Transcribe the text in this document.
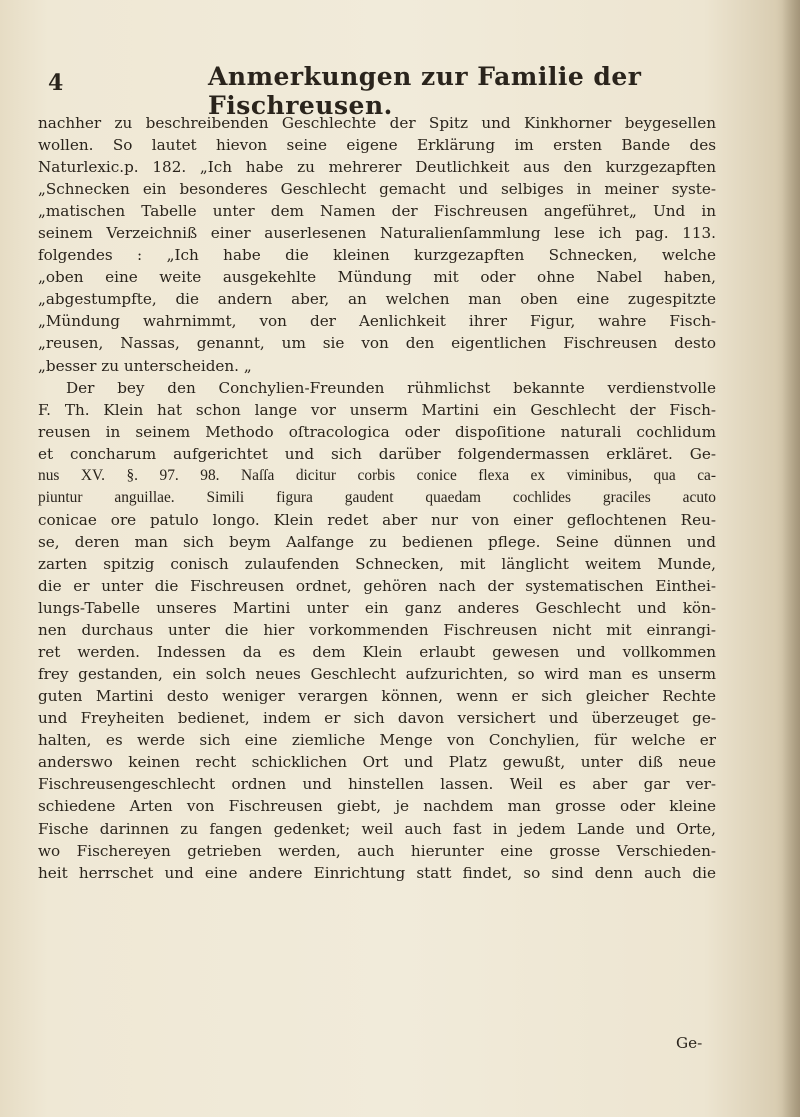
4	Anmerkungen zur Familie der Fischreusen.
nachher zu beschreibenden Geschlechte der Spitz und Kinkhorner beygesellen
wollen. So lautet hievon seine eigene Erklärung im ersten Bande des
Naturlexic.p. 182. „Ich habe zu mehrerer Deutlichkeit aus den kurzgezapften
„Schnecken ein besonderes Geschlecht gemacht und selbiges in meiner syste-
„matischen Tabelle unter dem Namen der Fischreusen angeführet„ Und in
seinem Verzeichniß einer auserlesenen Naturalienſammlung lese ich pag. 113.
folgendes : „Ich habe die kleinen kurzgezapften Schnecken, welche
„oben eine weite ausgekehlte Mündung mit oder ohne Nabel haben,
„abgestumpfte, die andern aber, an welchen man oben eine zugespitzte
„Mündung wahrnimmt, von der Aenlichkeit ihrer Figur, wahre Fisch-
„reusen, Nassas, genannt, um sie von den eigentlichen Fischreusen desto
„besser zu unterscheiden. „
Der bey den Conchylien-Freunden rühmlichst bekannte verdienstvolle
F. Th. Klein hat schon lange vor unserm Martini ein Geschlecht der Fisch-
reusen in seinem Methodo oſtracologica oder dispoſitione naturali cochlidum
et concharum aufgerichtet und sich darüber folgendermassen erkläret. Ge-
nus XV. §. 97. 98. Naſſa dicitur corbis conice flexa ex viminibus, qua ca-
piuntur anguillae. Simili figura gaudent quaedam cochlides graciles acuto
conicae ore patulo longo. Klein redet aber nur von einer geflochtenen Reu-
se, deren man sich beym Aalfange zu bedienen pflege. Seine dünnen und
zarten spitzig conisch zulaufenden Schnecken, mit länglicht weitem Munde,
die er unter die Fischreusen ordnet, gehören nach der systematischen Einthei-
lungs-Tabelle unseres Martini unter ein ganz anderes Geschlecht und kön-
nen durchaus unter die hier vorkommenden Fischreusen nicht mit einrangi-
ret werden. Indessen da es dem Klein erlaubt gewesen und vollkommen
frey gestanden, ein solch neues Geschlecht aufzurichten, so wird man es unserm
guten Martini desto weniger verargen können, wenn er sich gleicher Rechte
und Freyheiten bedienet, indem er sich davon versichert und überzeuget ge-
halten, es werde sich eine ziemliche Menge von Conchylien, für welche er
anderswo keinen recht schicklichen Ort und Platz gewußt, unter diß neue
Fischreusengeschlecht ordnen und hinstellen lassen. Weil es aber gar ver-
schiedene Arten von Fischreusen giebt, je nachdem man grosse oder kleine
Fische darinnen zu fangen gedenket; weil auch fast in jedem Lande und Orte,
wo Fischereyen getrieben werden, auch hierunter eine grosse Verschieden-
heit herrschet und eine andere Einrichtung statt findet, so sind denn auch die
Ge-
